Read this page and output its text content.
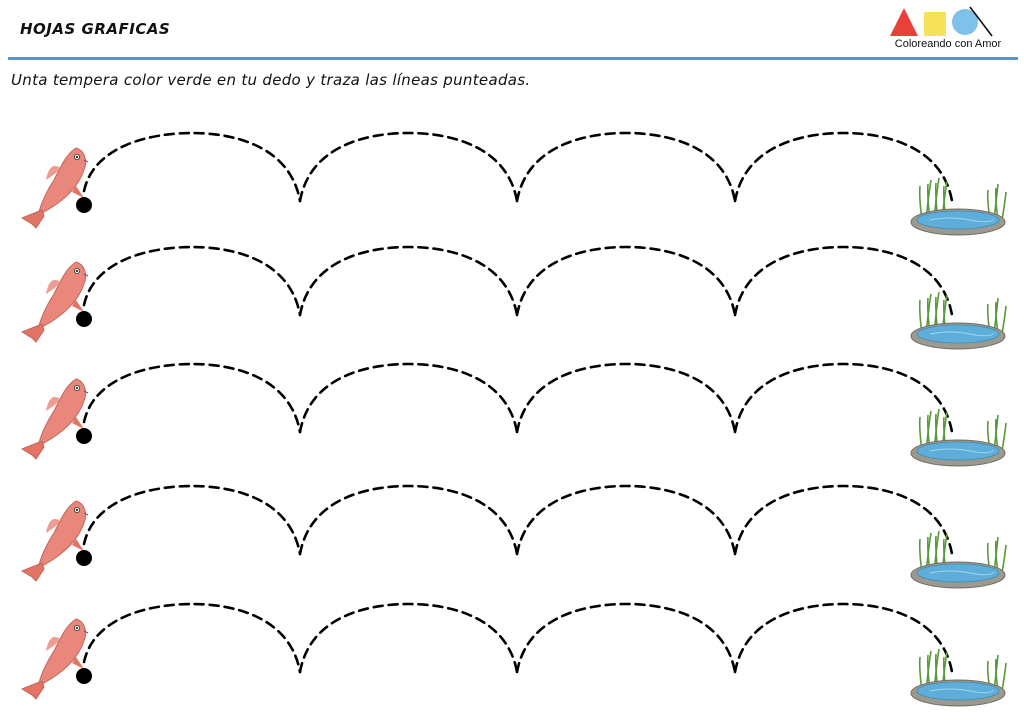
HOJAS GRAFICAS
Coloreando con Amor
Unta tempera color verde en tu dedo y traza las líneas punteadas.
